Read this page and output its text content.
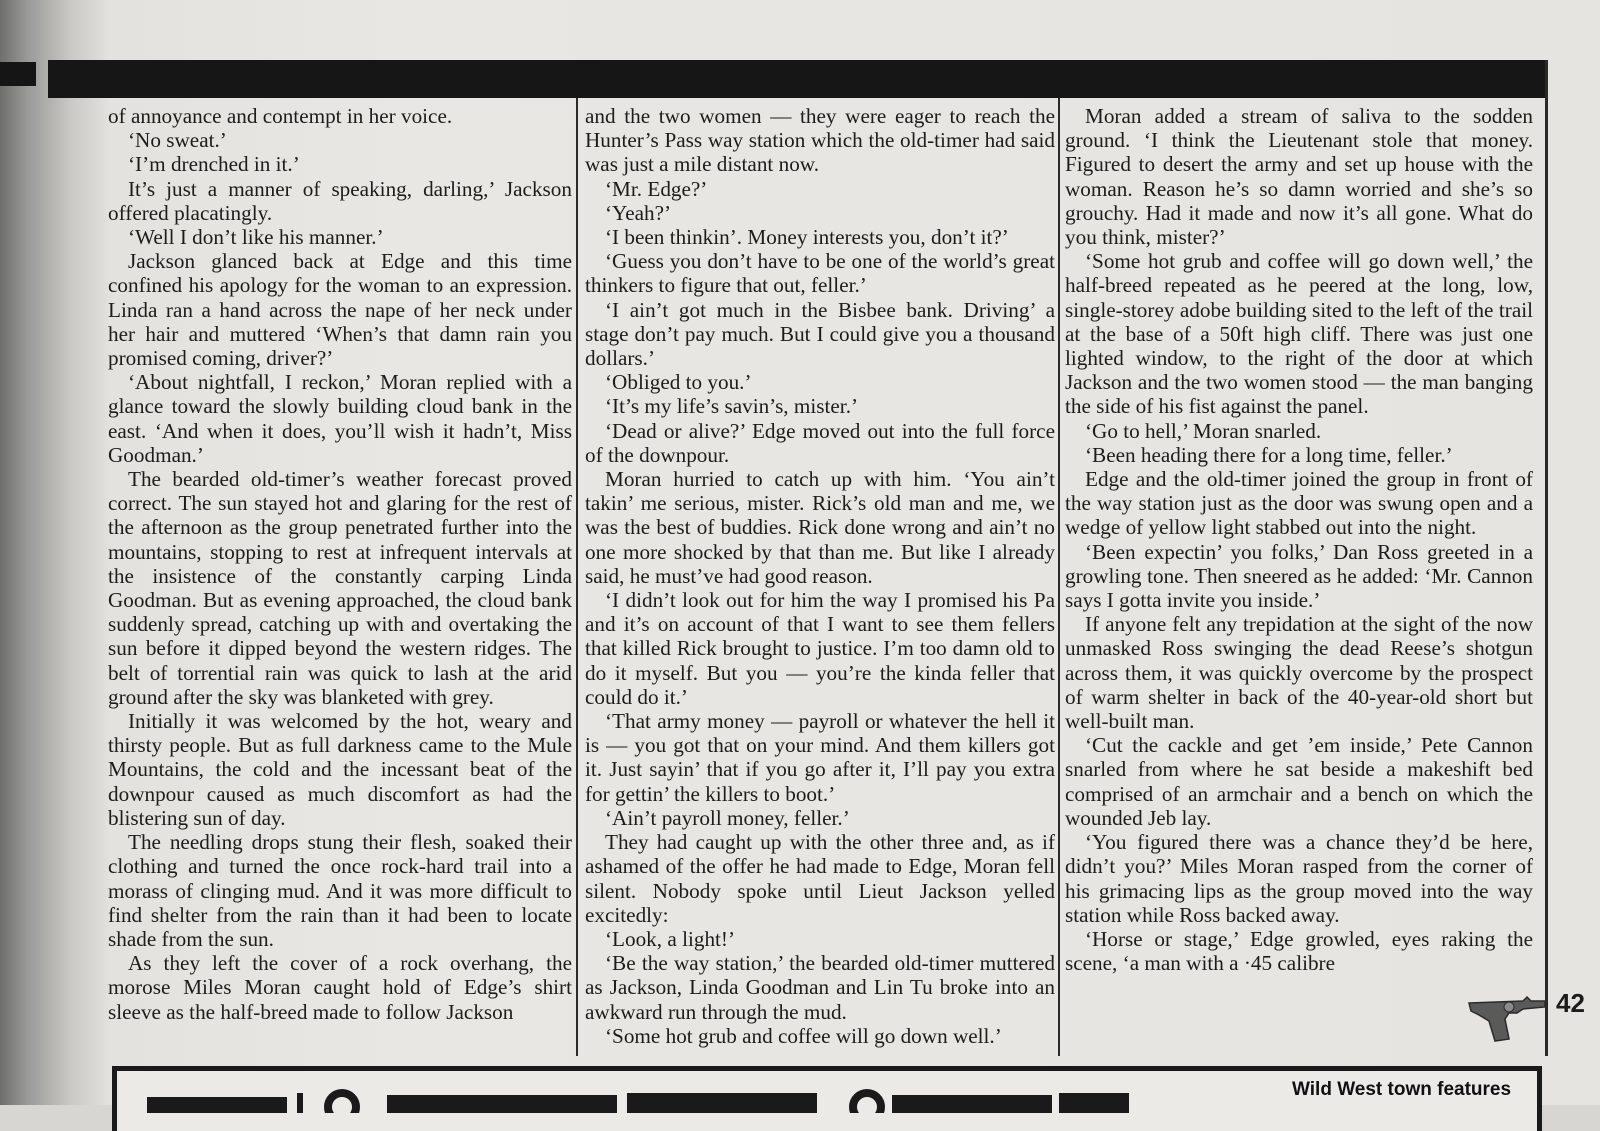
of annoyance and contempt in her voice.

‘No sweat.’

‘I’m drenched in it.’

It’s just a manner of speaking, darling,’ Jackson offered placatingly.

‘Well I don’t like his manner.’

Jackson glanced back at Edge and this time confined his apology for the woman to an expression. Linda ran a hand across the nape of her neck under her hair and muttered ‘When’s that damn rain you promised coming, driver?’

‘About nightfall, I reckon,’ Moran replied with a glance toward the slowly building cloud bank in the east. ‘And when it does, you’ll wish it hadn’t, Miss Goodman.’

The bearded old-timer’s weather forecast proved correct. The sun stayed hot and glaring for the rest of the afternoon as the group penetrated further into the mountains, stopping to rest at infrequent intervals at the insistence of the constantly carping Linda Goodman. But as evening approached, the cloud bank suddenly spread, catching up with and overtaking the sun before it dipped beyond the western ridges. The belt of torrential rain was quick to lash at the arid ground after the sky was blanketed with grey.

Initially it was welcomed by the hot, weary and thirsty people. But as full darkness came to the Mule Mountains, the cold and the incessant beat of the downpour caused as much discomfort as had the blistering sun of day.

The needling drops stung their flesh, soaked their clothing and turned the once rock-hard trail into a morass of clinging mud. And it was more difficult to find shelter from the rain than it had been to locate shade from the sun.

As they left the cover of a rock overhang, the morose Miles Moran caught hold of Edge’s shirt sleeve as the half-breed made to follow Jackson

and the two women — they were eager to reach the Hunter’s Pass way station which the old-timer had said was just a mile distant now.

‘Mr. Edge?’

‘Yeah?’

‘I been thinkin’. Money interests you, don’t it?’

‘Guess you don’t have to be one of the world’s great thinkers to figure that out, feller.’

‘I ain’t got much in the Bisbee bank. Driving’ a stage don’t pay much. But I could give you a thousand dollars.’

‘Obliged to you.’

‘It’s my life’s savin’s, mister.’

‘Dead or alive?’ Edge moved out into the full force of the downpour.

Moran hurried to catch up with him. ‘You ain’t takin’ me serious, mister. Rick’s old man and me, we was the best of buddies. Rick done wrong and ain’t no one more shocked by that than me. But like I already said, he must’ve had good reason.

‘I didn’t look out for him the way I promised his Pa and it’s on account of that I want to see them fellers that killed Rick brought to justice. I’m too damn old to do it myself. But you — you’re the kinda feller that could do it.’

‘That army money — payroll or whatever the hell it is — you got that on your mind. And them killers got it. Just sayin’ that if you go after it, I’ll pay you extra for gettin’ the killers to boot.’

‘Ain’t payroll money, feller.’

They had caught up with the other three and, as if ashamed of the offer he had made to Edge, Moran fell silent. Nobody spoke until Lieut Jackson yelled excitedly:

‘Look, a light!’

‘Be the way station,’ the bearded old-timer muttered as Jackson, Linda Goodman and Lin Tu broke into an awkward run through the mud.

‘Some hot grub and coffee will go down well.’

Moran added a stream of saliva to the sodden ground. ‘I think the Lieutenant stole that money. Figured to desert the army and set up house with the woman. Reason he’s so damn worried and she’s so grouchy. Had it made and now it’s all gone. What do you think, mister?’

‘Some hot grub and coffee will go down well,’ the half-breed repeated as he peered at the long, low, single-storey adobe building sited to the left of the trail at the base of a 50ft high cliff. There was just one lighted window, to the right of the door at which Jackson and the two women stood — the man banging the side of his fist against the panel.

‘Go to hell,’ Moran snarled.

‘Been heading there for a long time, feller.’

Edge and the old-timer joined the group in front of the way station just as the door was swung open and a wedge of yellow light stabbed out into the night.

‘Been expectin’ you folks,’ Dan Ross greeted in a growling tone. Then sneered as he added: ‘Mr. Cannon says I gotta invite you inside.’

If anyone felt any trepidation at the sight of the now unmasked Ross swinging the dead Reese’s shotgun across them, it was quickly overcome by the prospect of warm shelter in back of the 40-year-old short but well-built man.

‘Cut the cackle and get ’em inside,’ Pete Cannon snarled from where he sat beside a makeshift bed comprised of an armchair and a bench on which the wounded Jeb lay.

‘You figured there was a chance they’d be here, didn’t you?’ Miles Moran rasped from the corner of his grimacing lips as the group moved into the way station while Ross backed away.

‘Horse or stage,’ Edge growled, eyes raking the scene, ‘a man with a ·45 calibre

42
Wild West town features
